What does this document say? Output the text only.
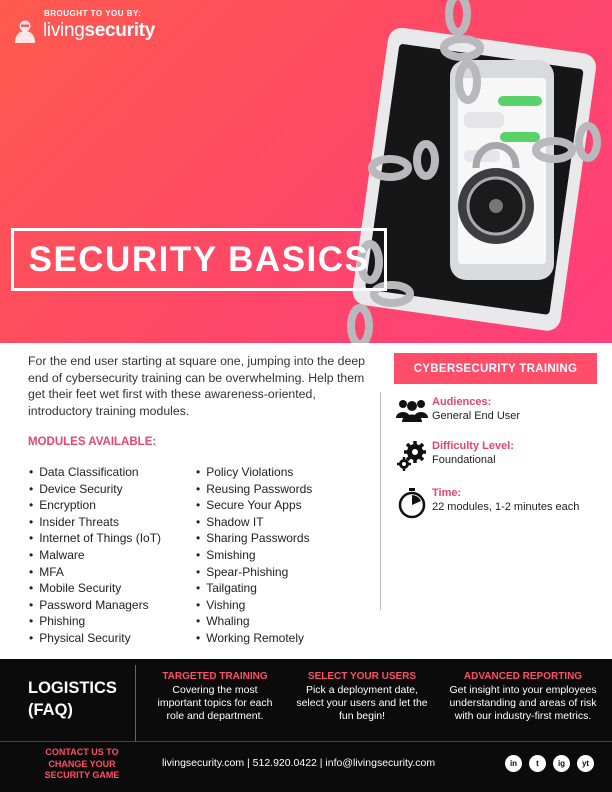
BROUGHT TO YOU BY:
livingsecurity
SECURITY BASICS

For the end user starting at square one, jumping into the deep end of cybersecurity training can be overwhelming. Help them get their feet wet first with these awareness-oriented, introductory training modules.

MODULES AVAILABLE:
• Data Classification
• Device Security
• Encryption
• Insider Threats
• Internet of Things (IoT)
• Malware
• MFA
• Mobile Security
• Password Managers
• Phishing
• Physical Security
• Policy Violations
• Reusing Passwords
• Secure Your Apps
• Shadow IT
• Sharing Passwords
• Smishing
• Spear-Phishing
• Tailgating
• Vishing
• Whaling
• Working Remotely
CYBERSECURITY TRAINING
Audiences:
General End User
Difficulty Level:
Foundational
Time:
22 modules, 1-2 minutes each
LOGISTICS (FAQ)
TARGETED TRAINING
Covering the most important topics for each role and department.
SELECT YOUR USERS
Pick a deployment date, select your users and let the fun begin!
ADVANCED REPORTING
Get insight into your employees understanding and areas of risk with our industry-first metrics.
CONTACT US TO CHANGE YOUR SECURITY GAME
livingsecurity.com | 512.920.0422 | info@livingsecurity.com	in	t	ig	yt
